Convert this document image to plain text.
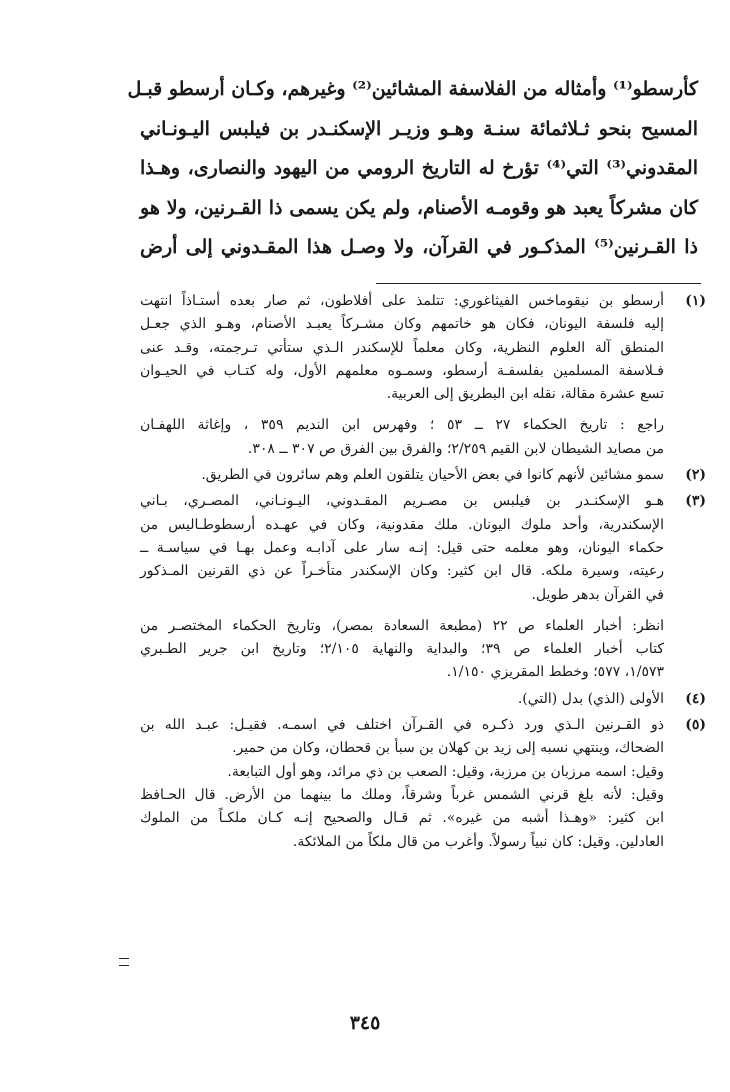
كأرسطو⁽¹⁾ وأمثاله من الفلاسفة المشائين⁽²⁾ وغيرهم، وكـان أرسطو قبـل
المسيح بنحو ثـلاثمائة سنـة وهـو وزيـر الإسكنـدر بن فيلبس اليـونـاني
المقدوني⁽³⁾ التي⁽⁴⁾ تؤرخ له التاريخ الرومي من اليهود والنصارى، وهـذا
كان مشركاً يعبد هو وقومـه الأصنام، ولم يكن يسمى ذا القـرنين، ولا هو
ذا القـرنين⁽⁵⁾ المذكـور في القرآن، ولا وصـل هذا المقـدوني إلى أرض
(١)
أرسطو بن نيقوماخس الفيثاغوري: تتلمذ على أفلاطون، ثم صار بعده أستـاذاً انتهت
إليه فلسفة اليونان، فكان هو خاتمهم وكان مشـركاً يعبـد الأصنام، وهـو الذي جعـل
المنطق آلة العلوم النظرية، وكان معلماً للإسكندر الـذي ستأتي تـرجمته، وقـد عنى
فـلاسفة المسلمين بفلسفـة أرسطو، وسمـوه معلمهم الأول، وله كتـاب في الحيـوان
تسع عشرة مقالة، نقله ابن البطريق إلى العربية.
راجع : تاريخ الحكماء ٢٧ ــ ٥٣ ؛ وفهرس ابن النديم ٣٥٩ ، وإغاثة اللهفـان
من مصايد الشيطان لابن القيم ٢/٢٥٩؛ والفرق بين الفرق ص ٣٠٧ ــ ٣٠٨.
(٢)
سمو مشائين لأنهم كانوا في بعض الأحيان يتلقون العلم وهم سائرون في الطريق.
(٣)
هـو الإسكنـدر بن فيلبس بن مصـريم المقـدوني، اليـونـاني، المصـري، بـاني
الإسكندرية، وأحد ملوك اليونان. ملك مقدونية، وكان في عهـده أرسطوطـاليس من
حكماء اليونان، وهو معلمه حتى قيل: إنـه سار على آدابـه وعمل بهـا في سياسـة ــ
رعيته، وسيرة ملكه. قال ابن كثير: وكان الإسكندر متأخـراً عن ذي القرنين المـذكور
في القرآن بدهر طويل.
انظر: أخبار العلماء ص ٢٢ (مطبعة السعادة بمصر)، وتاريخ الحكماء المختصـر من
كتاب أخبار العلماء ص ٣٩؛ والبداية والنهاية ٢/١٠٥؛ وتاريخ ابن جرير الطـبري
١/٥٧٣، ٥٧٧؛ وخطط المقريزي ١/١٥٠.
(٤)
الأولى (الذي) بدل (التي).
(٥)
ذو القـرنين الـذي ورد ذكـره في القـرآن اختلف في اسمـه. فقيـل: عبـد الله بن
الضحاك، وينتهي نسبه إلى زيد بن كهلان بن سبأ بن قحطان، وكان من حمير.
وقيل: اسمه مرزبان بن مرزبة، وقيل: الصعب بن ذي مرائد، وهو أول التبابعة.
وقيل: لأنه بلغ قرني الشمس غرباً وشرقاً، وملك ما بينهما من الأرض. قال الحـافظ
ابن كثير: «وهـذا أشبه من غيره». ثم قـال والصحيح إنـه كـان ملكـاً من الملوك
العادلين. وقيل: كان نبياً رسولاً. وأغرب من قال ملكاً من الملائكة.
٣٤٥
